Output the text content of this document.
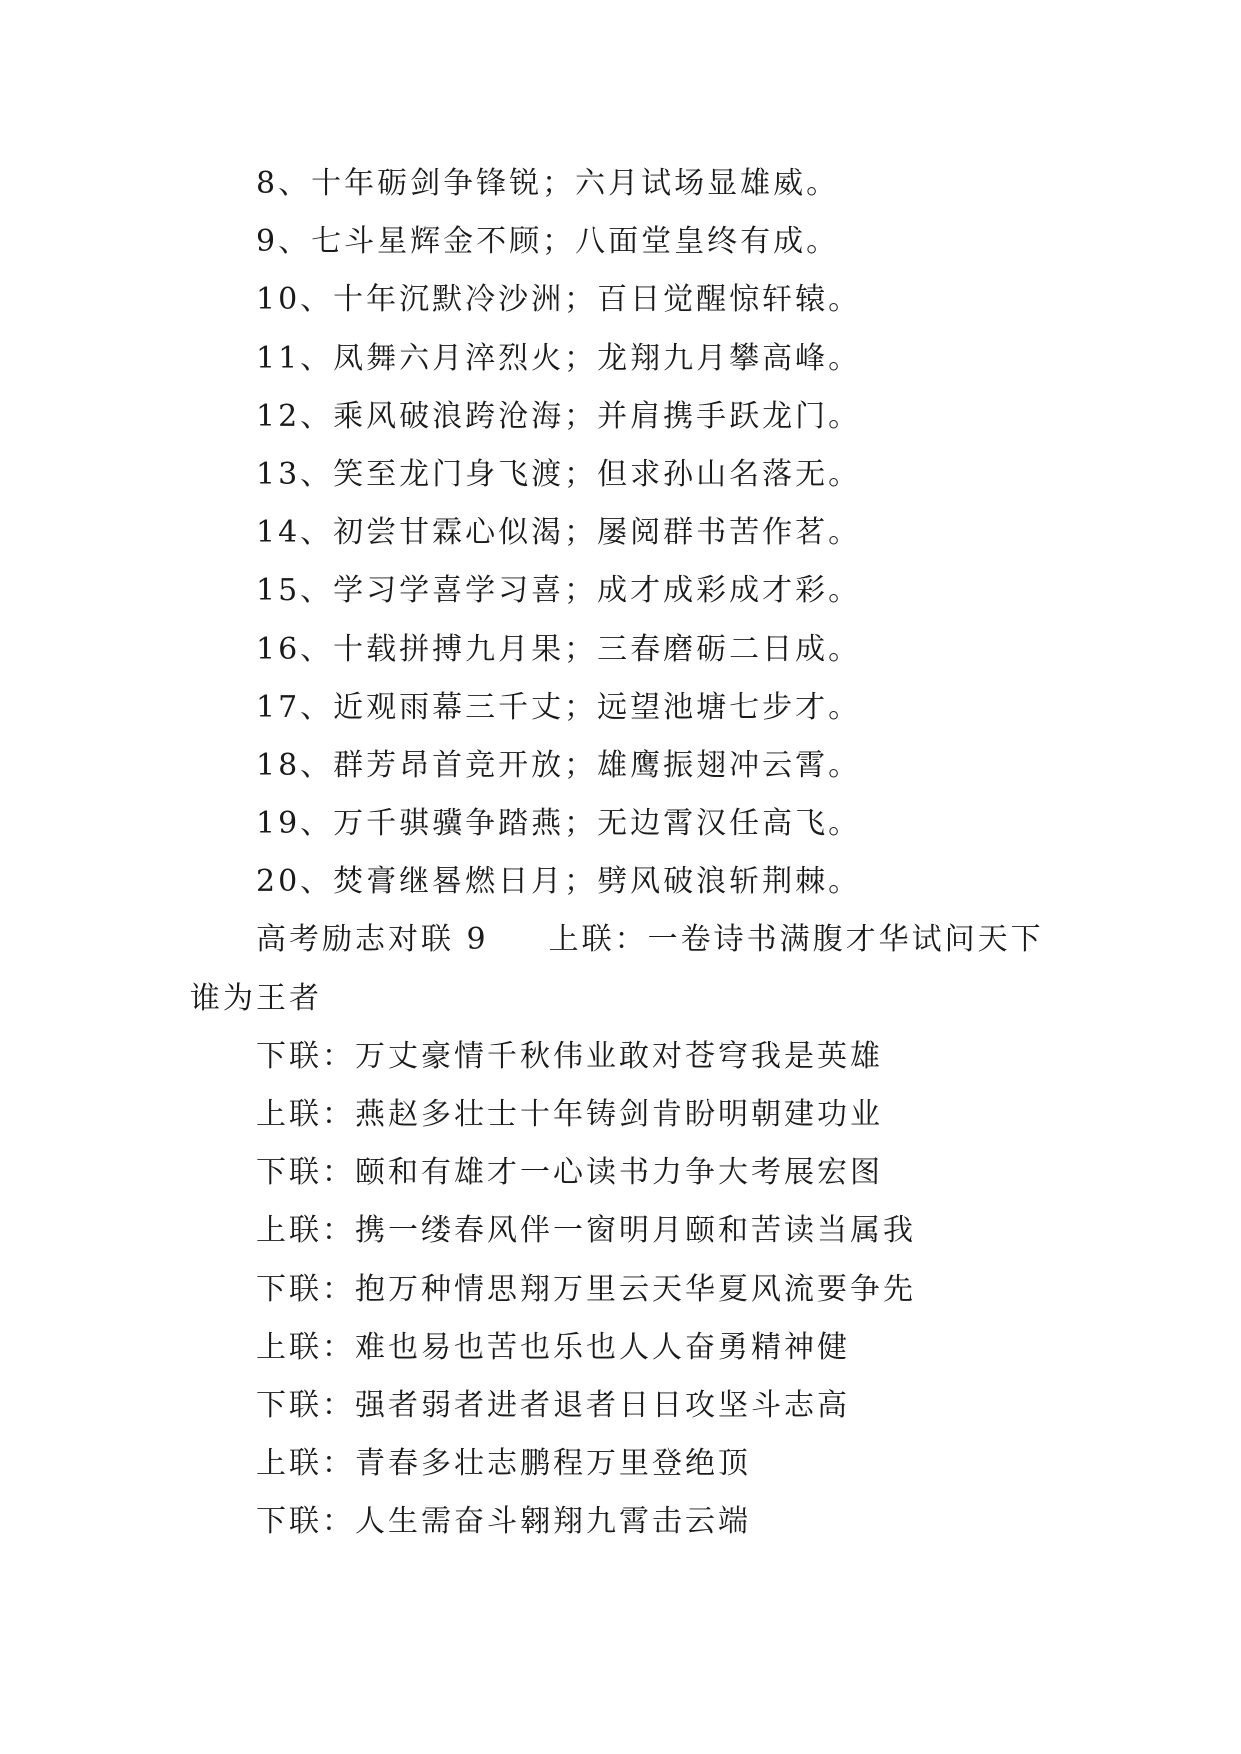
8、十年砺剑争锋锐；六月试场显雄威。
9、七斗星辉金不顾；八面堂皇终有成。
10、十年沉默冷沙洲；百日觉醒惊轩辕。
11、凤舞六月淬烈火；龙翔九月攀高峰。
12、乘风破浪跨沧海；并肩携手跃龙门。
13、笑至龙门身飞渡；但求孙山名落无。
14、初尝甘霖心似渴；屡阅群书苦作茗。
15、学习学喜学习喜；成才成彩成才彩。
16、十载拼搏九月果；三春磨砺二日成。
17、近观雨幕三千丈；远望池塘七步才。
18、群芳昂首竞开放；雄鹰振翅冲云霄。
19、万千骐骥争踏燕；无边霄汉任高飞。
20、焚膏继晷燃日月；劈风破浪斩荆棘。
高考励志对联 9 上联：一卷诗书满腹才华试问天下
谁为王者
下联：万丈豪情千秋伟业敢对苍穹我是英雄
上联：燕赵多壮士十年铸剑肯盼明朝建功业
下联：颐和有雄才一心读书力争大考展宏图
上联：携一缕春风伴一窗明月颐和苦读当属我
下联：抱万种情思翔万里云天华夏风流要争先
上联：难也易也苦也乐也人人奋勇精神健
下联：强者弱者进者退者日日攻坚斗志高
上联：青春多壮志鹏程万里登绝顶
下联：人生需奋斗翱翔九霄击云端
